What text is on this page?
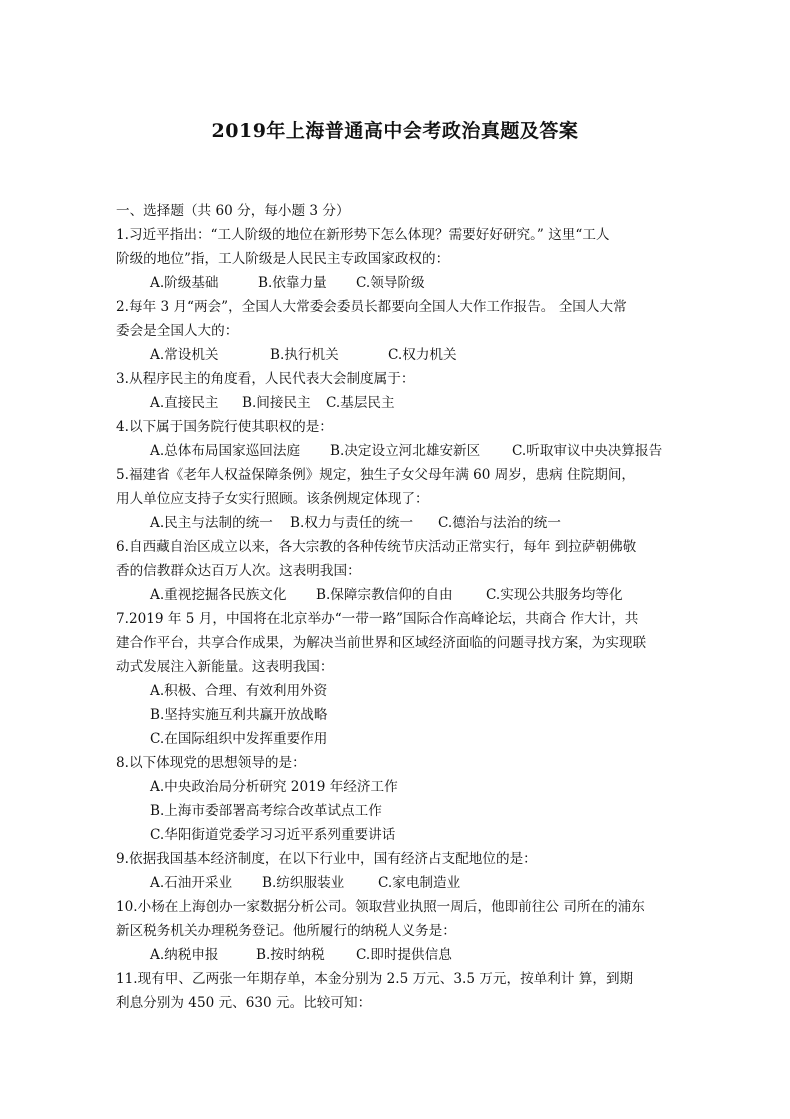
2019年上海普通高中会考政治真题及答案
一、选择题（共 60 分，每小题 3 分）
1.习近平指出：“工人阶级的地位在新形势下怎么体现？需要好好研究。” 这里“工人
阶级的地位”指，工人阶级是人民民主专政国家政权的：
A.阶级基础	B.依靠力量 C.领导阶级
2.每年 3 月“两会”，全国人大常委会委员长都要向全国人大作工作报告。 全国人大常
委会是全国人大的：
A.常设机关	B.执行机关	C.权力机关
3.从程序民主的角度看，人民代表大会制度属于：
A.直接民主 B.间接民主 C.基层民主
4.以下属于国务院行使其职权的是：
A.总体布局国家巡回法庭 B.决定设立河北雄安新区 C.听取审议中央决算报告
5.福建省《老年人权益保障条例》规定，独生子女父母年满 60 周岁，患病 住院期间，
用人单位应支持子女实行照顾。该条例规定体现了：
A.民主与法制的统一 B.权力与责任的统一 C.德治与法治的统一
6.自西藏自治区成立以来，各大宗教的各种传统节庆活动正常实行，每年 到拉萨朝佛敬
香的信教群众达百万人次。这表明我国：
A.重视挖掘各民族文化 B.保障宗教信仰的自由 C.实现公共服务均等化
7.2019 年 5 月，中国将在北京举办“一带一路”国际合作高峰论坛，共商合 作大计，共
建合作平台，共享合作成果，为解决当前世界和区域经济面临的问题寻找方案，为实现联
动式发展注入新能量。这表明我国：
A.积极、合理、有效利用外资
B.坚持实施互利共赢开放战略
C.在国际组织中发挥重要作用
8.以下体现党的思想领导的是：
A.中央政治局分析研究 2019 年经济工作
B.上海市委部署高考综合改革试点工作
C.华阳街道党委学习习近平系列重要讲话
9.依据我国基本经济制度，在以下行业中，国有经济占支配地位的是：
A.石油开采业 B.纺织服装业 C.家电制造业
10.小杨在上海创办一家数据分析公司。领取营业执照一周后，他即前往公 司所在的浦东
新区税务机关办理税务登记。他所履行的纳税人义务是：
A.纳税申报	B.按时纳税 C.即时提供信息
11.现有甲、乙两张一年期存单，本金分别为 2.5 万元、3.5 万元，按单利计 算，到期
利息分别为 450 元、630 元。比较可知：
